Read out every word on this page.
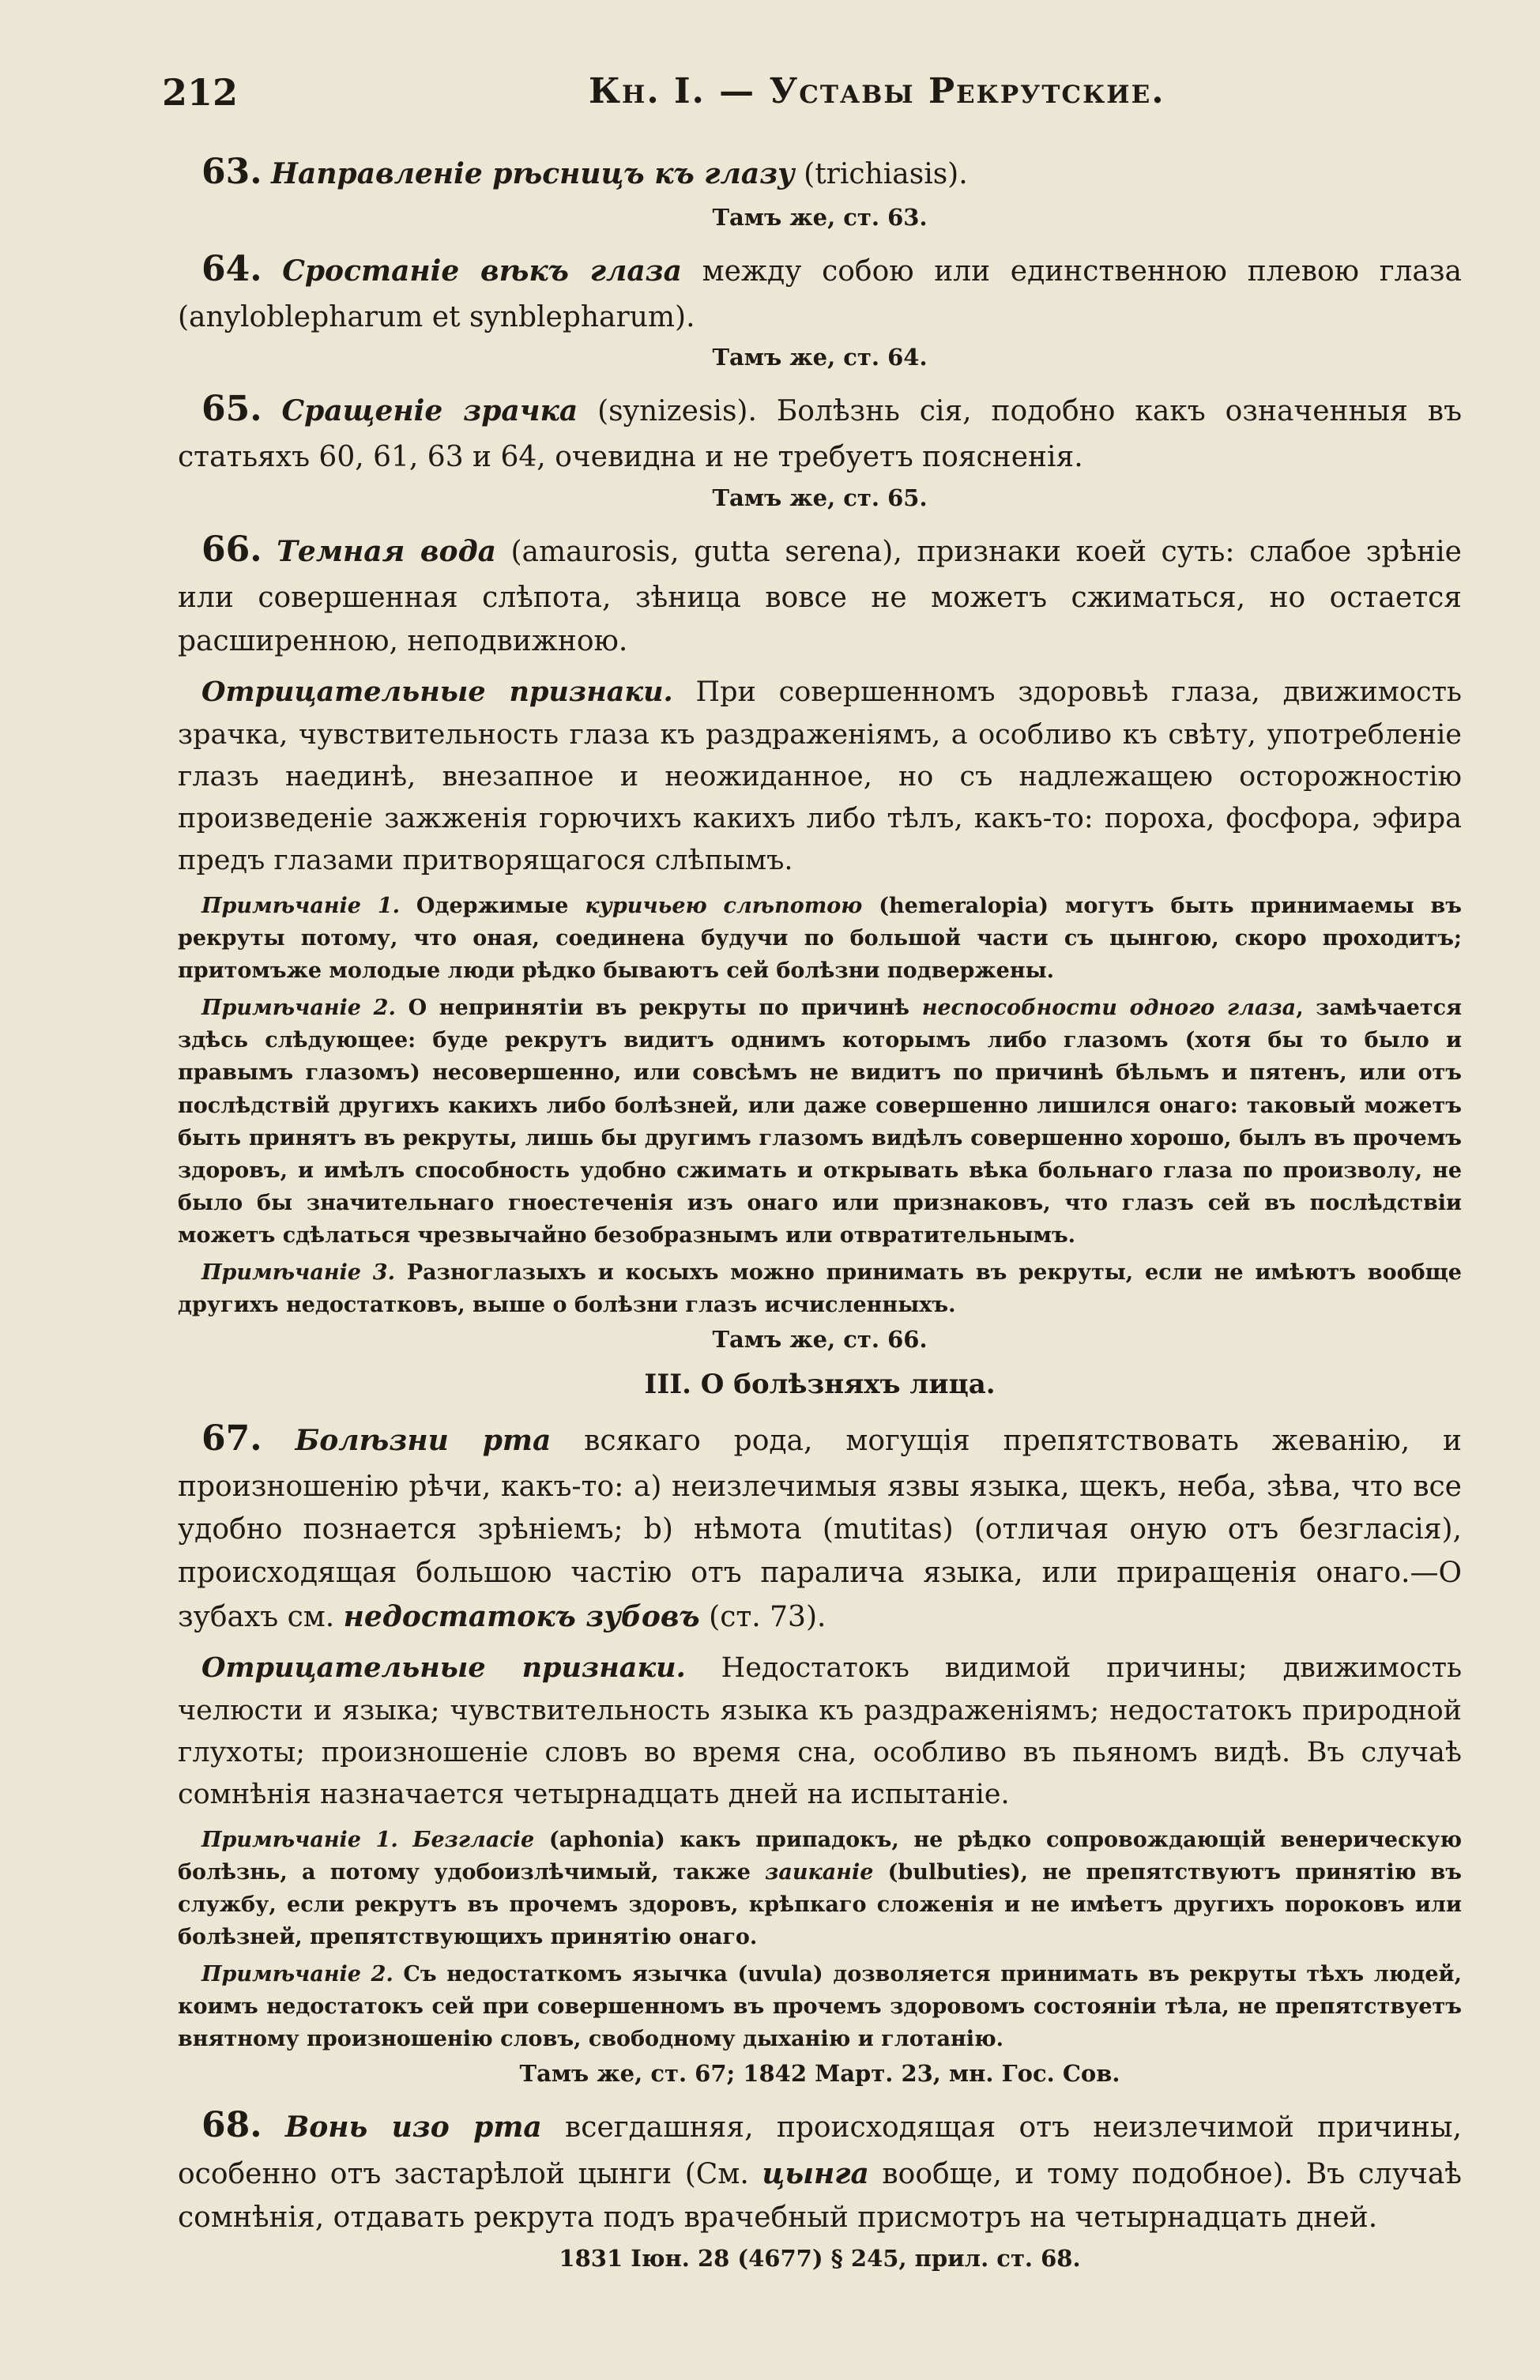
212	Кн. I. — Уставы Рекрутские.

63. Направленіе рѣсницъ къ глазу (trichiasis).

Тамъ же, ст. 63.

64. Сростаніе вѣкъ глаза между собою или единственною плевою глаза (anyloblepharum et synblepharum).

Тамъ же, ст. 64.

65. Сращеніе зрачка (synizesis). Болѣзнь сія, подобно какъ означенныя въ статьяхъ 60, 61, 63 и 64, очевидна и не требуетъ поясненія.

Тамъ же, ст. 65.

66. Темная вода (amaurosis, gutta serena), признаки коей суть: слабое зрѣніе или совершенная слѣпота, зѣница вовсе не можетъ сжиматься, но остается расширенною, неподвижною.

Отрицательные признаки. При совершенномъ здоровьѣ глаза, движимость зрачка, чувствительность глаза къ раздраженіямъ, а особливо къ свѣту, употребленіе глазъ наединѣ, внезапное и неожиданное, но съ надлежащею осторожностію произведеніе зажженія горючихъ какихъ либо тѣлъ, какъ-то: пороха, фосфора, эфира предъ глазами притворящагося слѣпымъ.

Примѣчаніе 1. Одержимые куричьею слѣпотою (hemeralopia) могутъ быть принимаемы въ рекруты потому, что оная, соединена будучи по большой части съ цынгою, скоро проходитъ; притомъже молодые люди рѣдко бываютъ сей болѣзни подвержены.

Примѣчаніе 2. О непринятіи въ рекруты по причинѣ неспособности одного глаза, замѣчается здѣсь слѣдующее: буде рекрутъ видитъ однимъ которымъ либо глазомъ (хотя бы то было и правымъ глазомъ) несовершенно, или совсѣмъ не видитъ по причинѣ бѣльмъ и пятенъ, или отъ послѣдствій другихъ какихъ либо болѣзней, или даже совершенно лишился онаго: таковый можетъ быть принятъ въ рекруты, лишь бы другимъ глазомъ видѣлъ совершенно хорошо, былъ въ прочемъ здоровъ, и имѣлъ способность удобно сжимать и открывать вѣка больнаго глаза по произволу, не было бы значительнаго гноестеченія изъ онаго или признаковъ, что глазъ сей въ послѣдствіи можетъ сдѣлаться чрезвычайно безобразнымъ или отвратительнымъ.

Примѣчаніе 3. Разноглазыхъ и косыхъ можно принимать въ рекруты, если не имѣютъ вообще другихъ недостатковъ, выше о болѣзни глазъ исчисленныхъ.

Тамъ же, ст. 66.
III. О болѣзняхъ лица.

67. Болѣзни рта всякаго рода, могущія препятствовать жеванію, и произношенію рѣчи, какъ-то: а) неизлечимыя язвы языка, щекъ, неба, зѣва, что все удобно познается зрѣніемъ; b) нѣмота (mutitas) (отличая оную отъ безгласія), происходящая большою частію отъ паралича языка, или приращенія онаго.—О зубахъ см. недостатокъ зубовъ (ст. 73).

Отрицательные признаки. Недостатокъ видимой причины; движимость челюсти и языка; чувствительность языка къ раздраженіямъ; недостатокъ природной глухоты; произношеніе словъ во время сна, особливо въ пьяномъ видѣ. Въ случаѣ сомнѣнія назначается четырнадцать дней на испытаніе.

Примѣчаніе 1. Безгласіе (aphonia) какъ припадокъ, не рѣдко сопровождающій венерическую болѣзнь, а потому удобоизлѣчимый, также заиканіе (bulbuties), не препятствуютъ принятію въ службу, если рекрутъ въ прочемъ здоровъ, крѣпкаго сложенія и не имѣетъ другихъ пороковъ или болѣзней, препятствующихъ принятію онаго.

Примѣчаніе 2. Съ недостаткомъ язычка (uvula) дозволяется принимать въ рекруты тѣхъ людей, коимъ недостатокъ сей при совершенномъ въ прочемъ здоровомъ состояніи тѣла, не препятствуетъ внятному произношенію словъ, свободному дыханію и глотанію.

Тамъ же, ст. 67; 1842 Март. 23, мн. Гос. Сов.

68. Вонь изо рта всегдашняя, происходящая отъ неизлечимой причины, особенно отъ застарѣлой цынги (См. цынга вообще, и тому подобное). Въ случаѣ сомнѣнія, отдавать рекрута подъ врачебный присмотръ на четырнадцать дней.

1831 Іюн. 28 (4677) § 245, прил. ст. 68.
